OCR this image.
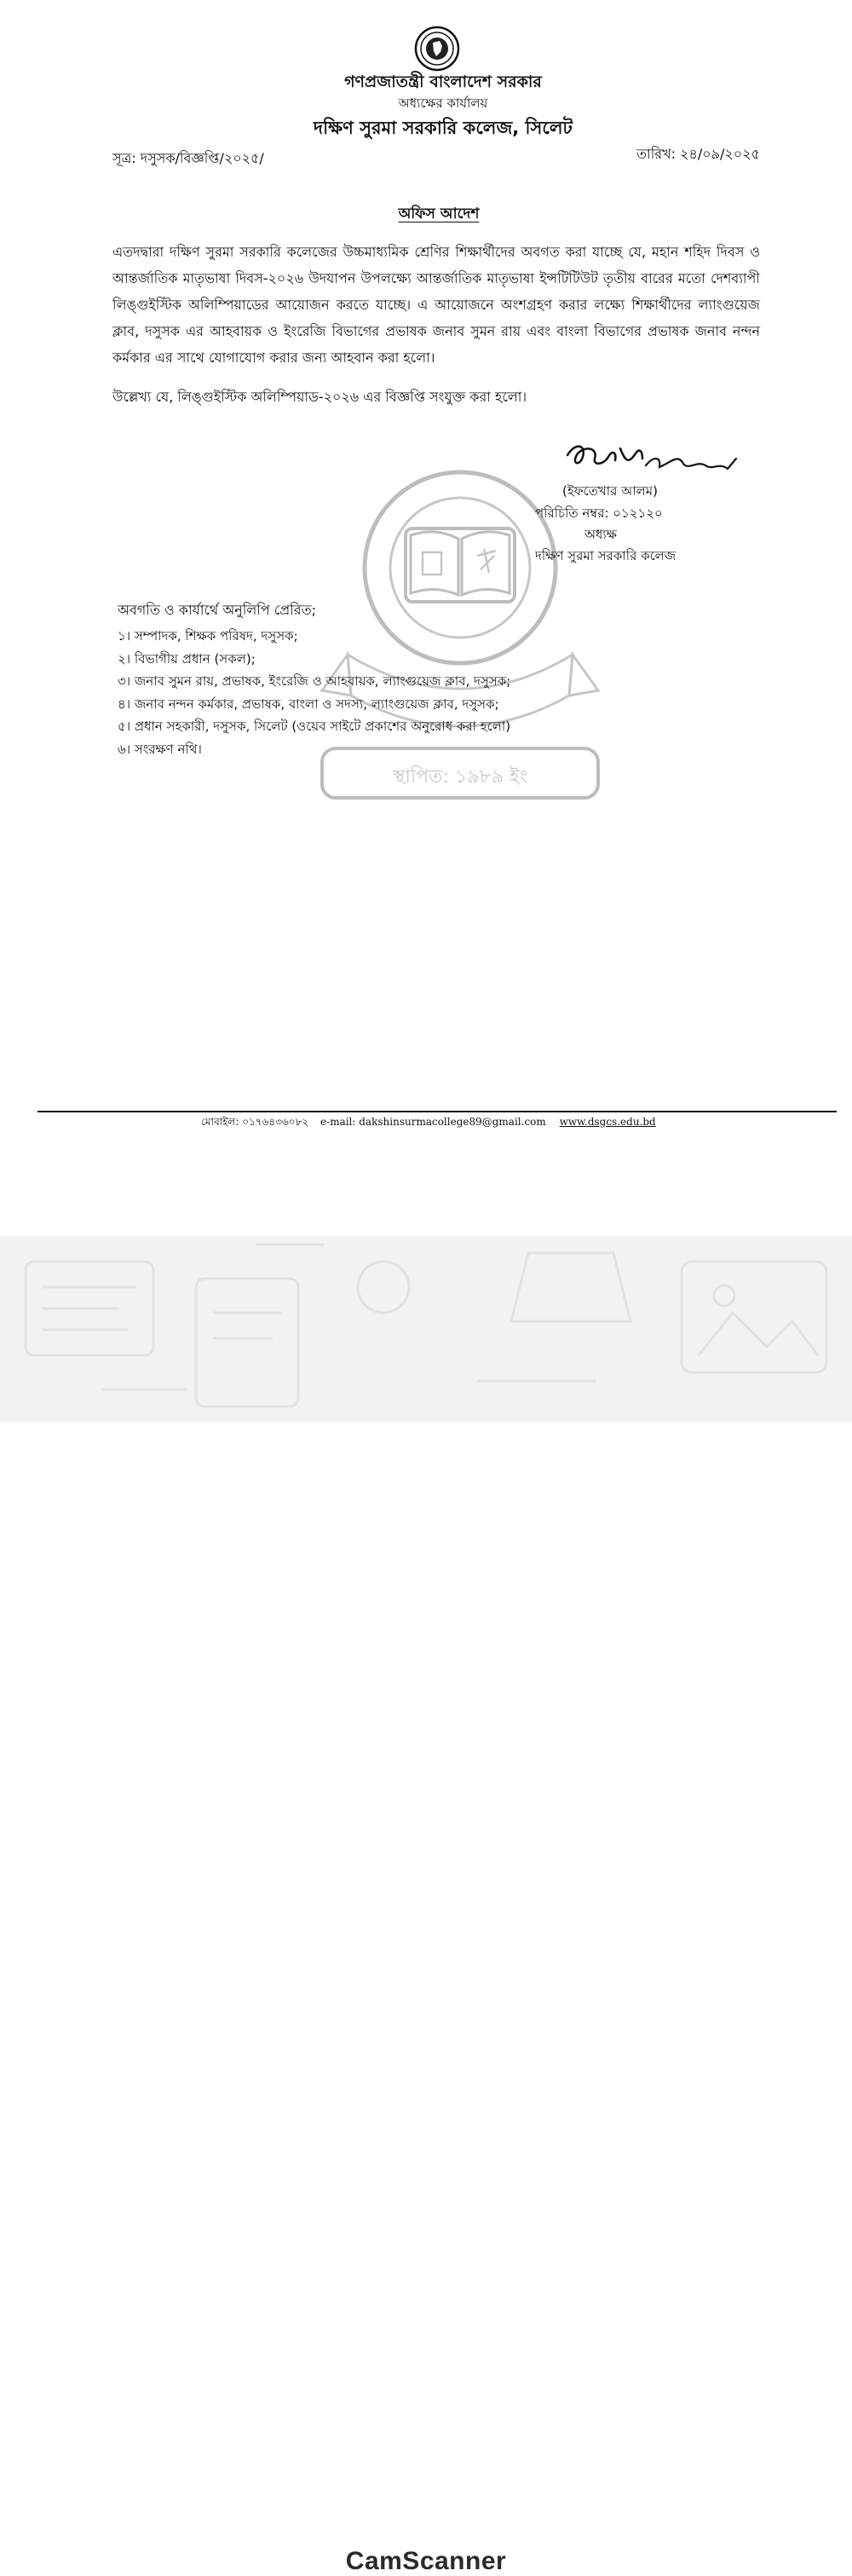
গণপ্রজাতন্ত্রী বাংলাদেশ সরকার
অধ্যক্ষের কার্যালয়
দক্ষিণ সুরমা সরকারি কলেজ, সিলেট
সূত্র: দসুসক/বিজ্ঞপ্তি/২০২৫/	তারিখ: ২৪/০৯/২০২৫
অফিস আদেশ
এতদদ্বারা দক্ষিণ সুরমা সরকারি কলেজের উচ্চমাধ্যমিক শ্রেণির শিক্ষার্থীদের অবগত করা যাচ্ছে যে, মহান শহিদ দিবস ও আন্তর্জাতিক মাতৃভাষা দিবস-২০২৬ উদযাপন উপলক্ষ্যে আন্তর্জাতিক মাতৃভাষা ইন্সটিটিউট তৃতীয় বারের মতো দেশব্যাপী লিঙ্গুইস্টিক অলিম্পিয়াডের আয়োজন করতে যাচ্ছে। এ আয়োজনে অংশগ্রহণ করার লক্ষ্যে শিক্ষার্থীদের ল্যাংগুয়েজ ক্লাব, দসুসক এর আহবায়ক ও ইংরেজি বিভাগের প্রভাষক জনাব সুমন রায় এবং বাংলা বিভাগের প্রভাষক জনাব নন্দন কর্মকার এর সাথে যোগাযোগ করার জন্য আহবান করা হলো।
উল্লেখ্য যে, লিঙ্গুইস্টিক অলিম্পিয়াড-২০২৬ এর বিজ্ঞপ্তি সংযুক্ত করা হলো।
স্থাপিত: ১৯৮৯ ইং
(ইফতেখার আলম)
পরিচিতি নম্বর: ০১২১২০
অধ্যক্ষ
দক্ষিণ সুরমা সরকারি কলেজ
অবগতি ও কার্যার্থে অনুলিপি প্রেরিত;
১। সম্পাদক, শিক্ষক পরিষদ, দসুসক;
২। বিভাগীয় প্রধান (সকল);
৩। জনাব সুমন রায়, প্রভাষক, ইংরেজি ও আহবায়ক, ল্যাংগুয়েজ ক্লাব, দসুসক;
৪। জনাব নন্দন কর্মকার, প্রভাষক, বাংলা ও সদস্য, ল্যাংগুয়েজ ক্লাব, দসুসক;
৫। প্রধান সহকারী, দসুসক, সিলেট (ওয়েব সাইটে প্রকাশের অনুরোধ করা হলো)
৬। সংরক্ষণ নথি।
মোবাইল: ০১৭৬৪৩৬০৮২ e-mail: dakshinsurmacollege89@gmail.com www.dsgcs.edu.bd
CamScanner
